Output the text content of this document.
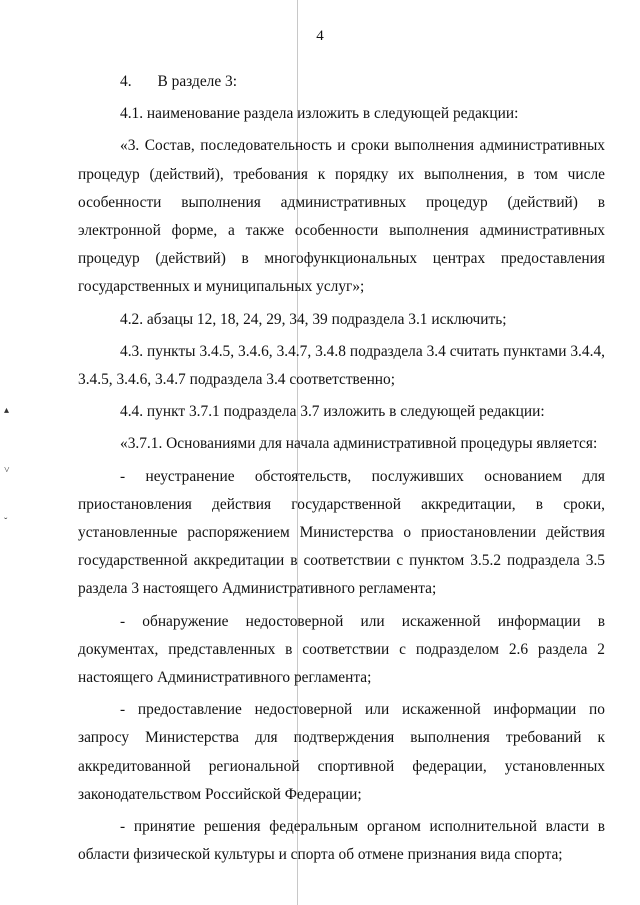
▴
˅
ˇ
4

4. В разделе 3:

4.1. наименование раздела изложить в следующей редакции:

«3. Состав, последовательность и сроки выполнения административных процедур (действий), требования к порядку их выполнения, в том числе особенности выполнения административных процедур (действий) в электронной форме, а также особенности выполнения административных процедур (действий) в многофункциональных центрах предоставления государственных и муниципальных услуг»;

4.2. абзацы 12, 18, 24, 29, 34, 39 подраздела 3.1 исключить;

4.3. пункты 3.4.5, 3.4.6, 3.4.7, 3.4.8 подраздела 3.4 считать пунктами 3.4.4, 3.4.5, 3.4.6, 3.4.7 подраздела 3.4 соответственно;

4.4. пункт 3.7.1 подраздела 3.7 изложить в следующей редакции:

«3.7.1. Основаниями для начала административной процедуры является:

- неустранение обстоятельств, послуживших основанием для приостановления действия государственной аккредитации, в сроки, установленные распоряжением Министерства о приостановлении действия государственной аккредитации в соответствии с пунктом 3.5.2 подраздела 3.5 раздела 3 настоящего Административного регламента;

- обнаружение недостоверной или искаженной информации в документах, представленных в соответствии с подразделом 2.6 раздела 2 настоящего Административного регламента;

- предоставление недостоверной или искаженной информации по запросу Министерства для подтверждения выполнения требований к аккредитованной региональной спортивной федерации, установленных законодательством Российской Федерации;

- принятие решения федеральным органом исполнительной власти в области физической культуры и спорта об отмене признания вида спорта;
